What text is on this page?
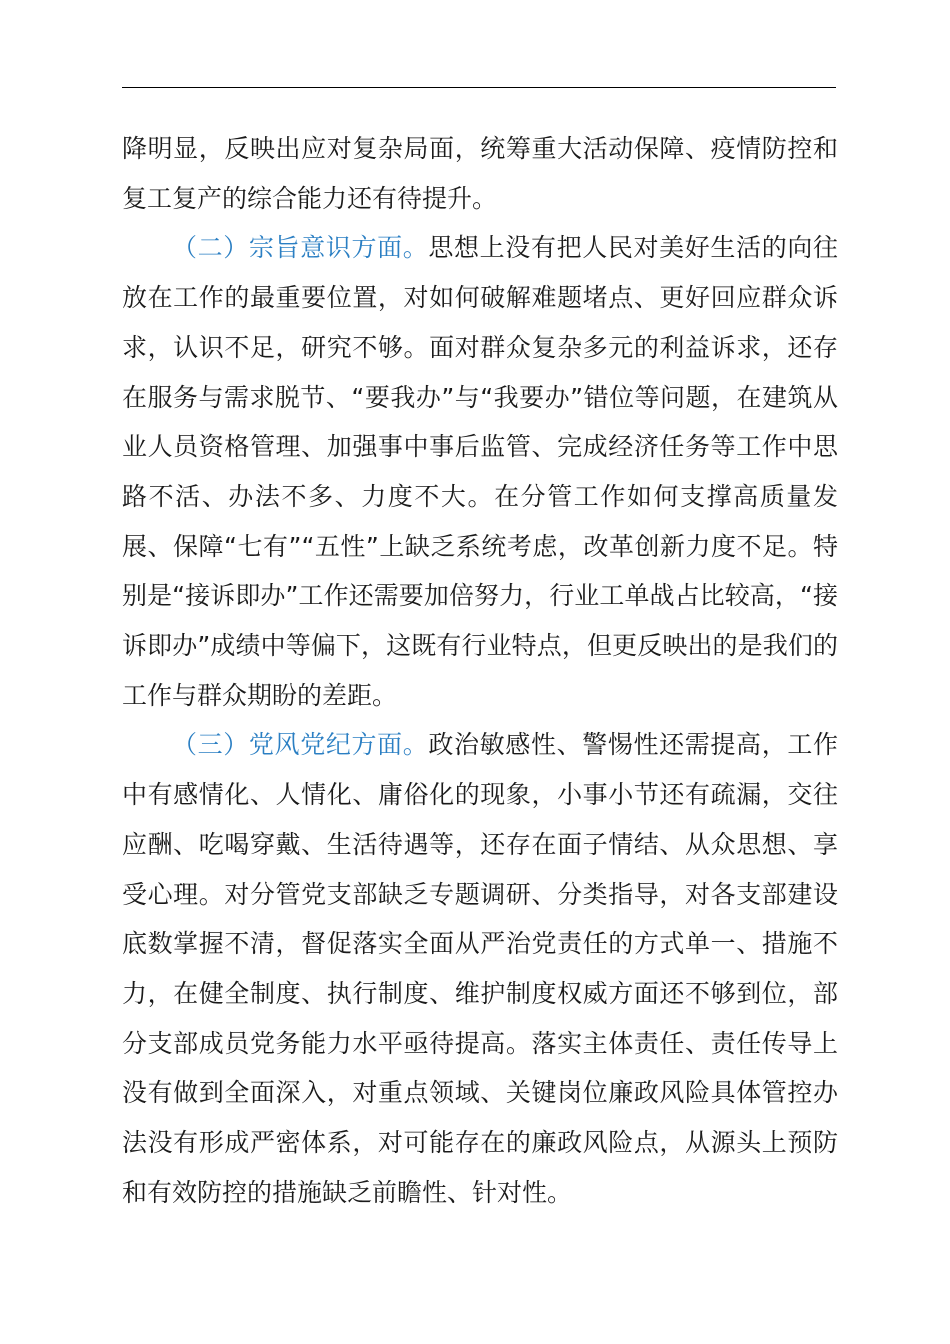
降明显，反映出应对复杂局面，统筹重大活动保障、疫情防控和复工复产的综合能力还有待提升。

（二）宗旨意识方面。思想上没有把人民对美好生活的向往放在工作的最重要位置，对如何破解难题堵点、更好回应群众诉求，认识不足，研究不够。面对群众复杂多元的利益诉求，还存在服务与需求脱节、“要我办”与“我要办”错位等问题，在建筑从业人员资格管理、加强事中事后监管、完成经济任务等工作中思路不活、办法不多、力度不大。在分管工作如何支撑高质量发展、保障“七有”“五性”上缺乏系统考虑，改革创新力度不足。特别是“接诉即办”工作还需要加倍努力，行业工单战占比较高，“接诉即办”成绩中等偏下，这既有行业特点，但更反映出的是我们的工作与群众期盼的差距。

（三）党风党纪方面。政治敏感性、警惕性还需提高，工作中有感情化、人情化、庸俗化的现象，小事小节还有疏漏，交往应酬、吃喝穿戴、生活待遇等，还存在面子情结、从众思想、享受心理。对分管党支部缺乏专题调研、分类指导，对各支部建设底数掌握不清，督促落实全面从严治党责任的方式单一、措施不力，在健全制度、执行制度、维护制度权威方面还不够到位，部分支部成员党务能力水平亟待提高。落实主体责任、责任传导上没有做到全面深入，对重点领域、关键岗位廉政风险具体管控办法没有形成严密体系，对可能存在的廉政风险点，从源头上预防和有效防控的措施缺乏前瞻性、针对性。
